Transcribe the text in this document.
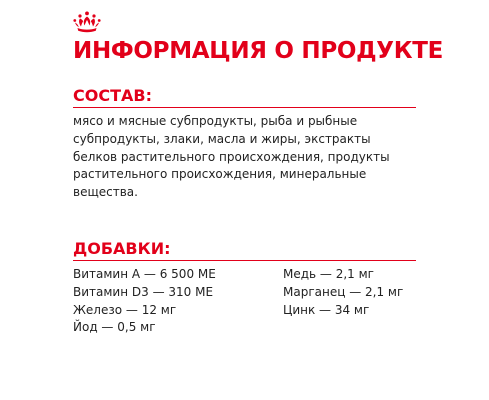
ИНФОРМАЦИЯ О ПРОДУКТЕ
СОСТАВ:

мясо и мясные субпродукты, рыба и рыбные субпродукты, злаки, масла и жиры, экстракты белков растительного происхождения, продукты растительного происхождения, минеральные вещества.

ДОБАВКИ:
Витамин А — 6 500 МЕ
Витамин D3 — 310 МЕ
Железо — 12 мг
Йод — 0,5 мг
Медь — 2,1 мг
Марганец — 2,1 мг
Цинк — 34 мг
